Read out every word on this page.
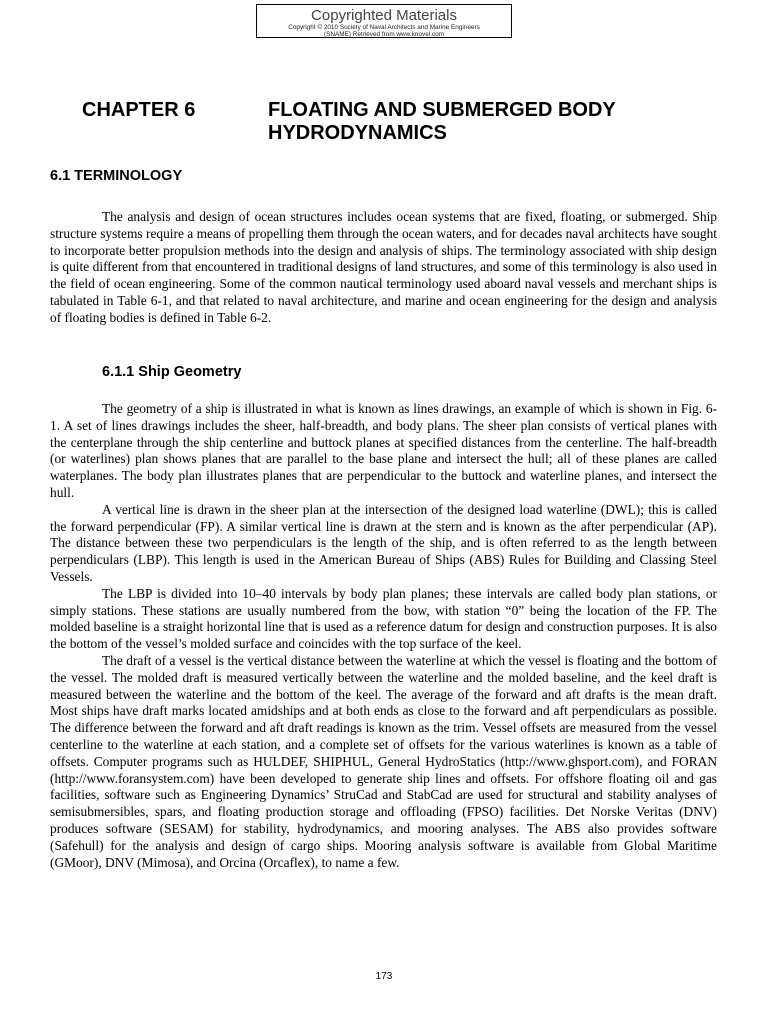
Copyrighted Materials
Copyright © 2010 Society of Naval Architects and Marine Engineers
(SNAME) Retrieved from www.knovel.com
CHAPTER 6	FLOATING AND SUBMERGED BODY HYDRODYNAMICS
6.1 TERMINOLOGY

The analysis and design of ocean structures includes ocean systems that are fixed, floating, or submerged. Ship structure systems require a means of propelling them through the ocean waters, and for decades naval architects have sought to incorporate better propulsion methods into the design and analysis of ships. The terminology associated with ship design is quite different from that encountered in traditional designs of land structures, and some of this terminology is also used in the field of ocean engineering. Some of the common nautical terminology used aboard naval vessels and merchant ships is tabulated in Table 6-1, and that related to naval architecture, and marine and ocean engineering for the design and analysis of floating bodies is defined in Table 6-2.

6.1.1 Ship Geometry

The geometry of a ship is illustrated in what is known as lines drawings, an example of which is shown in Fig. 6-1. A set of lines drawings includes the sheer, half-breadth, and body plans. The sheer plan consists of vertical planes with the centerplane through the ship centerline and buttock planes at specified distances from the centerline. The half-breadth (or waterlines) plan shows planes that are parallel to the base plane and intersect the hull; all of these planes are called waterplanes. The body plan illustrates planes that are perpendicular to the buttock and waterline planes, and intersect the hull.

A vertical line is drawn in the sheer plan at the intersection of the designed load waterline (DWL); this is called the forward perpendicular (FP). A similar vertical line is drawn at the stern and is known as the after perpendicular (AP). The distance between these two perpendiculars is the length of the ship, and is often referred to as the length between perpendiculars (LBP). This length is used in the American Bureau of Ships (ABS) Rules for Building and Classing Steel Vessels.

The LBP is divided into 10–40 intervals by body plan planes; these intervals are called body plan stations, or simply stations. These stations are usually numbered from the bow, with station “0” being the location of the FP. The molded baseline is a straight horizontal line that is used as a reference datum for design and construction purposes. It is also the bottom of the vessel’s molded surface and coincides with the top surface of the keel.

The draft of a vessel is the vertical distance between the waterline at which the vessel is floating and the bottom of the vessel. The molded draft is measured vertically between the waterline and the molded baseline, and the keel draft is measured between the waterline and the bottom of the keel. The average of the forward and aft drafts is the mean draft. Most ships have draft marks located amidships and at both ends as close to the forward and aft perpendiculars as possible. The difference between the forward and aft draft readings is known as the trim. Vessel offsets are measured from the vessel centerline to the waterline at each station, and a complete set of offsets for the various waterlines is known as a table of offsets. Computer programs such as HULDEF, SHIPHUL, General HydroStatics (http://www.ghsport.com), and FORAN (http://www.foransystem.com) have been developed to generate ship lines and offsets. For offshore floating oil and gas facilities, software such as Engineering Dynamics’ StruCad and StabCad are used for structural and stability analyses of semisubmersibles, spars, and floating production storage and offloading (FPSO) facilities. Det Norske Veritas (DNV) produces software (SESAM) for stability, hydrodynamics, and mooring analyses. The ABS also provides software (Safehull) for the analysis and design of cargo ships. Mooring analysis software is available from Global Maritime (GMoor), DNV (Mimosa), and Orcina (Orcaflex), to name a few.

173
